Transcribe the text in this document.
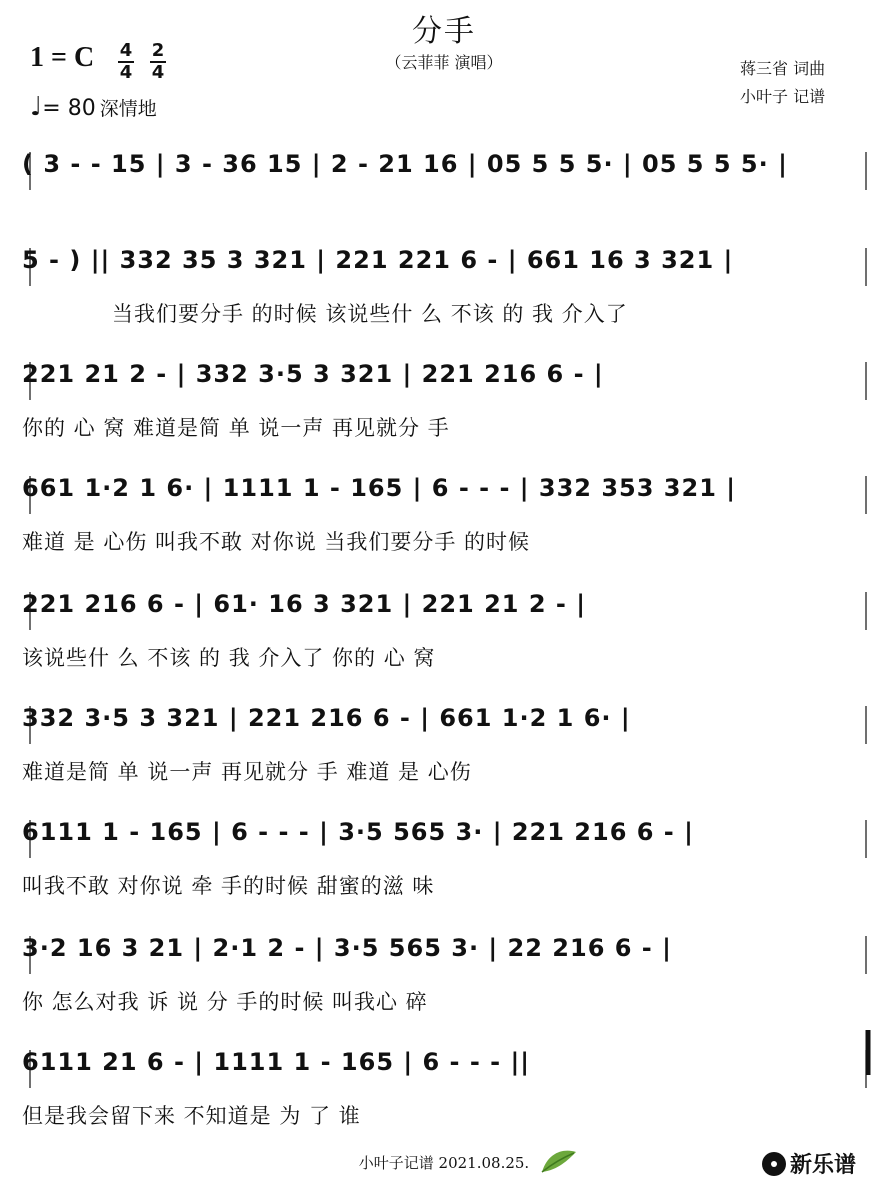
分手
（云菲菲 演唱）
1 = C 4
4
2
4
♩= 80 深情地
蒋三省 词曲
小叶子 记谱
( 3 - - 15 | 3 - 36 15 | 2 - 21 16 | 05 5 5 5· | 05 5 5 5· |
5 - ) || 332 35 3 321 | 221 221 6 - | 661 16 3 321 |
当我们要分手 的时候 该说些什 么 不该 的 我 介入了
221 21 2 - | 332 3·5 3 321 | 221 216 6 - |
你的 心 窝 难道是简 单 说一声 再见就分 手
661 1·2 1 6· | 1111 1 - 165 | 6 - - - | 332 353 321 |
难道 是 心伤 叫我不敢 对你说 当我们要分手 的时候
221 216 6 - | 61· 16 3 321 | 221 21 2 - |
该说些什 么 不该 的 我 介入了 你的 心 窝
332 3·5 3 321 | 221 216 6 - | 661 1·2 1 6· |
难道是简 单 说一声 再见就分 手 难道 是 心伤
6111 1 - 165 | 6 - - - | 3·5 565 3· | 221 216 6 - |
叫我不敢 对你说 牵 手的时候 甜蜜的滋 味
3·2 16 3 21 | 2·1 2 - | 3·5 565 3· | 22 216 6 - |
你 怎么对我 诉 说 分 手的时候 叫我心 碎
6111 21 6 - | 1111 1 - 165 | 6 - - - ||
但是我会留下来 不知道是 为 了 谁
小叶子记谱 2021.08.25.	新乐谱
